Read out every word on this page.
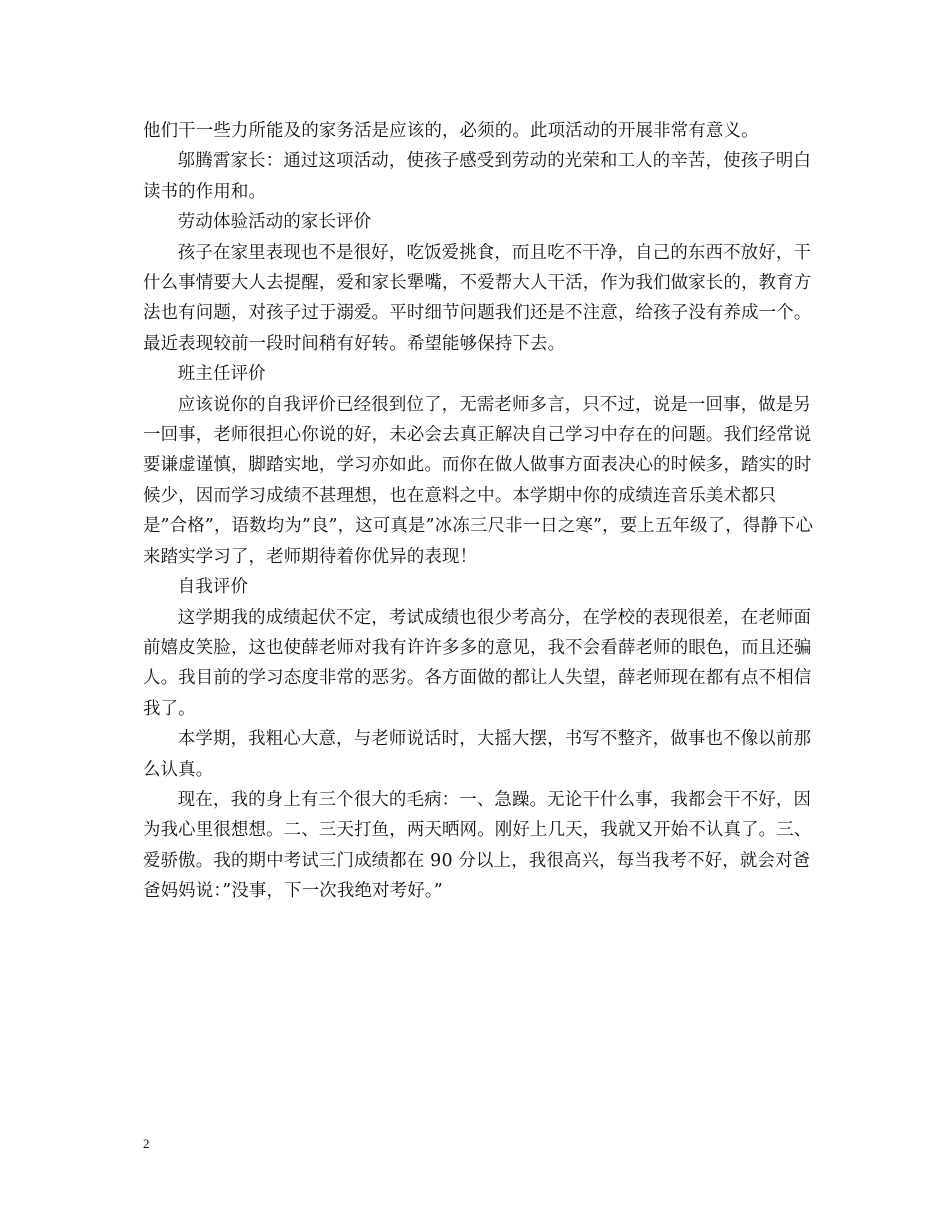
他们干一些力所能及的家务活是应该的，必须的。此项活动的开展非常有意义。

邬腾霄家长：通过这项活动，使孩子感受到劳动的光荣和工人的辛苦，使孩子明白读书的作用和。

劳动体验活动的家长评价

孩子在家里表现也不是很好，吃饭爱挑食，而且吃不干净，自己的东西不放好，干什么事情要大人去提醒，爱和家长犟嘴，不爱帮大人干活，作为我们做家长的，教育方法也有问题，对孩子过于溺爱。平时细节问题我们还是不注意，给孩子没有养成一个。最近表现较前一段时间稍有好转。希望能够保持下去。

班主任评价

应该说你的自我评价已经很到位了，无需老师多言，只不过，说是一回事，做是另一回事，老师很担心你说的好，未必会去真正解决自己学习中存在的问题。我们经常说要谦虚谨慎，脚踏实地，学习亦如此。而你在做人做事方面表决心的时候多，踏实的时候少，因而学习成绩不甚理想，也在意料之中。本学期中你的成绩连音乐美术都只是”合格”，语数均为”良”，这可真是”冰冻三尺非一日之寒”，要上五年级了，得静下心来踏实学习了，老师期待着你优异的表现！

自我评价

这学期我的成绩起伏不定，考试成绩也很少考高分，在学校的表现很差，在老师面前嬉皮笑脸，这也使薛老师对我有许许多多的意见，我不会看薛老师的眼色，而且还骗人。我目前的学习态度非常的恶劣。各方面做的都让人失望，薛老师现在都有点不相信我了。

本学期，我粗心大意，与老师说话时，大摇大摆，书写不整齐，做事也不像以前那么认真。

现在，我的身上有三个很大的毛病：一、急躁。无论干什么事，我都会干不好，因为我心里很想想。二、三天打鱼，两天晒网。刚好上几天，我就又开始不认真了。三、爱骄傲。我的期中考试三门成绩都在 90 分以上，我很高兴，每当我考不好，就会对爸爸妈妈说：”没事，下一次我绝对考好。”

2
